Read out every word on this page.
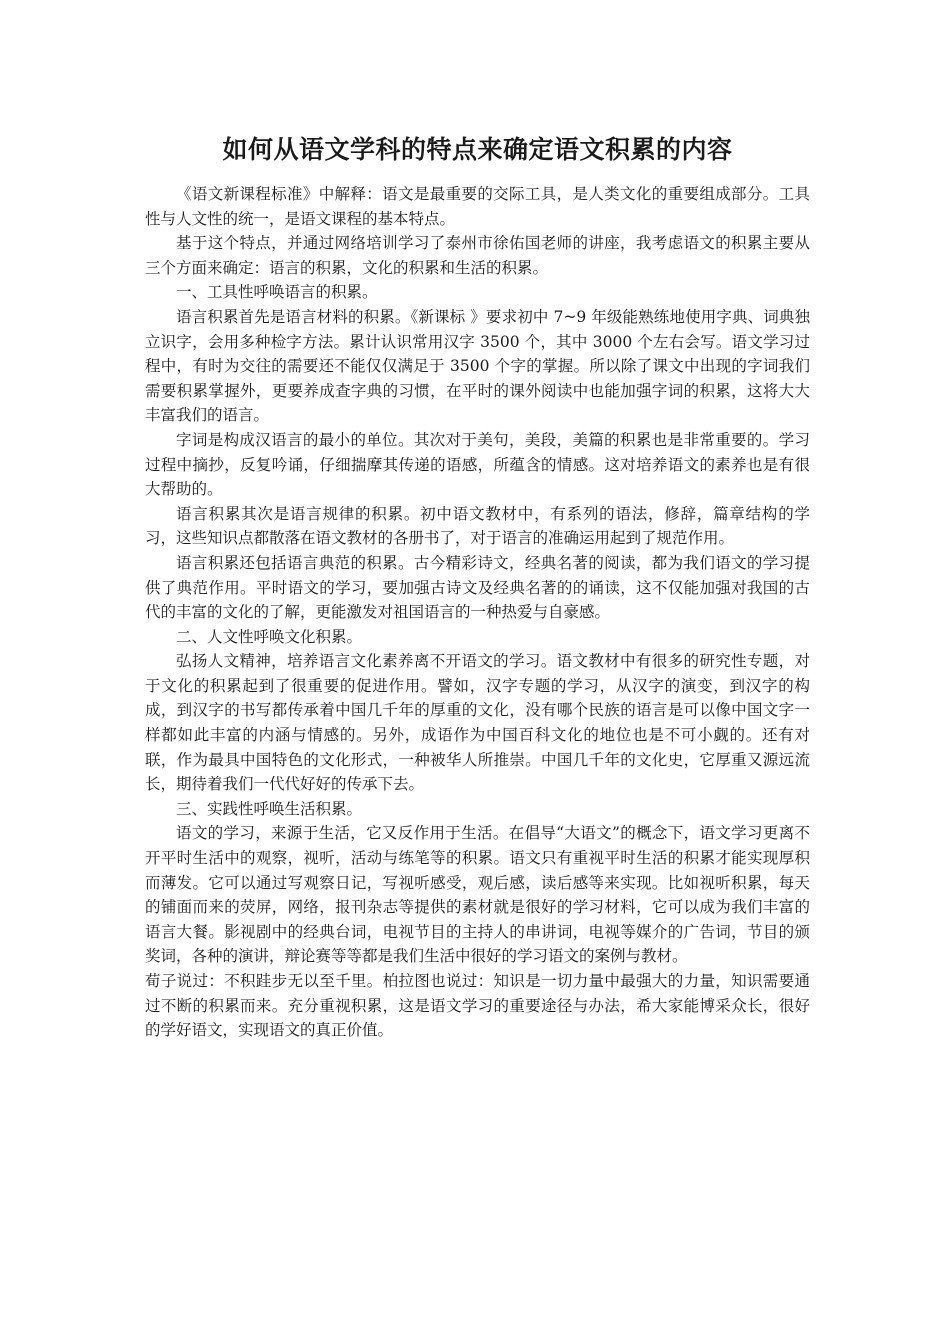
如何从语文学科的特点来确定语文积累的内容

《语文新课程标准》中解释：语文是最重要的交际工具，是人类文化的重要组成部分。工具性与人文性的统一，是语文课程的基本特点。

基于这个特点，并通过网络培训学习了泰州市徐佑国老师的讲座，我考虑语文的积累主要从三个方面来确定：语言的积累，文化的积累和生活的积累。

一、工具性呼唤语言的积累。

语言积累首先是语言材料的积累。《新课标 》要求初中 7~9 年级能熟练地使用字典、词典独立识字，会用多种检字方法。累计认识常用汉字 3500 个，其中 3000 个左右会写。语文学习过程中，有时为交往的需要还不能仅仅满足于 3500 个字的掌握。所以除了课文中出现的字词我们需要积累掌握外，更要养成查字典的习惯，在平时的课外阅读中也能加强字词的积累，这将大大丰富我们的语言。

字词是构成汉语言的最小的单位。其次对于美句，美段，美篇的积累也是非常重要的。学习过程中摘抄，反复吟诵，仔细揣摩其传递的语感，所蕴含的情感。这对培养语文的素养也是有很大帮助的。

语言积累其次是语言规律的积累。初中语文教材中，有系列的语法，修辞，篇章结构的学习，这些知识点都散落在语文教材的各册书了，对于语言的准确运用起到了规范作用。

语言积累还包括语言典范的积累。古今精彩诗文，经典名著的阅读，都为我们语文的学习提供了典范作用。平时语文的学习，要加强古诗文及经典名著的的诵读，这不仅能加强对我国的古代的丰富的文化的了解，更能激发对祖国语言的一种热爱与自豪感。

二、人文性呼唤文化积累。

弘扬人文精神，培养语言文化素养离不开语文的学习。语文教材中有很多的研究性专题，对于文化的积累起到了很重要的促进作用。譬如，汉字专题的学习，从汉字的演变，到汉字的构成，到汉字的书写都传承着中国几千年的厚重的文化，没有哪个民族的语言是可以像中国文字一样都如此丰富的内涵与情感的。另外，成语作为中国百科文化的地位也是不可小觑的。还有对联，作为最具中国特色的文化形式，一种被华人所推崇。中国几千年的文化史，它厚重又源远流长，期待着我们一代代好好的传承下去。

三、实践性呼唤生活积累。

语文的学习，来源于生活，它又反作用于生活。在倡导“大语文”的概念下，语文学习更离不开平时生活中的观察，视听，活动与练笔等的积累。语文只有重视平时生活的积累才能实现厚积而薄发。它可以通过写观察日记，写视听感受，观后感，读后感等来实现。比如视听积累，每天的铺面而来的荧屏，网络，报刊杂志等提供的素材就是很好的学习材料，它可以成为我们丰富的语言大餐。影视剧中的经典台词，电视节目的主持人的串讲词，电视等媒介的广告词，节目的颁奖词，各种的演讲，辩论赛等等都是我们生活中很好的学习语文的案例与教材。

荀子说过：不积跬步无以至千里。柏拉图也说过：知识是一切力量中最强大的力量，知识需要通过不断的积累而来。充分重视积累，这是语文学习的重要途径与办法，希大家能博采众长，很好的学好语文，实现语文的真正价值。
